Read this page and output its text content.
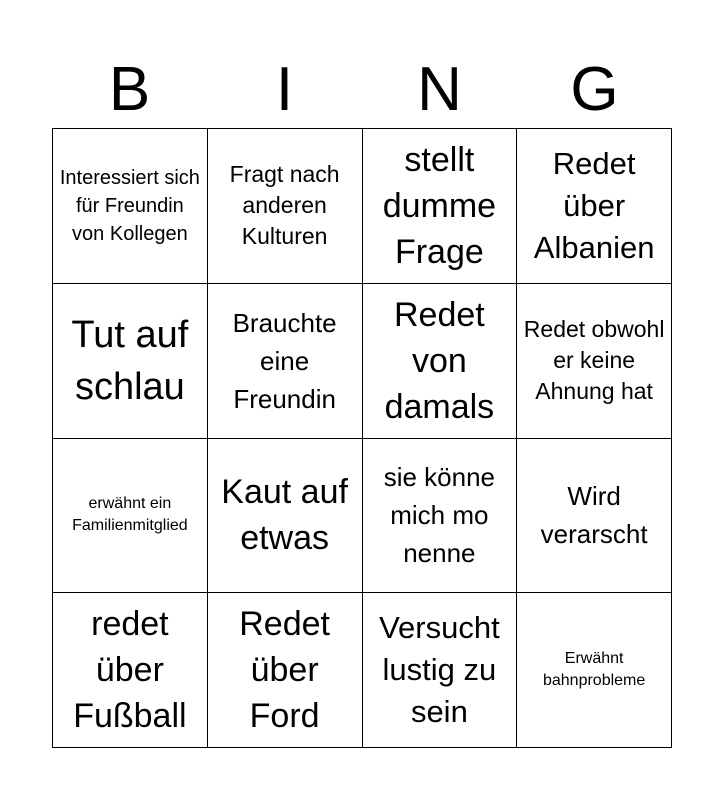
B	I	N	G
Interessiert sich für Freundin von Kollegen
Fragt nach anderen Kulturen
stellt dumme Frage
Redet über Albanien
Tut auf schlau
Brauchte eine Freundin
Redet von damals
Redet obwohl er keine Ahnung hat
erwähnt ein Familienmitglied
Kaut auf etwas
sie könne mich mo nenne
Wird verarscht
redet über Fußball
Redet über Ford
Versucht lustig zu sein
Erwähnt bahnprobleme
